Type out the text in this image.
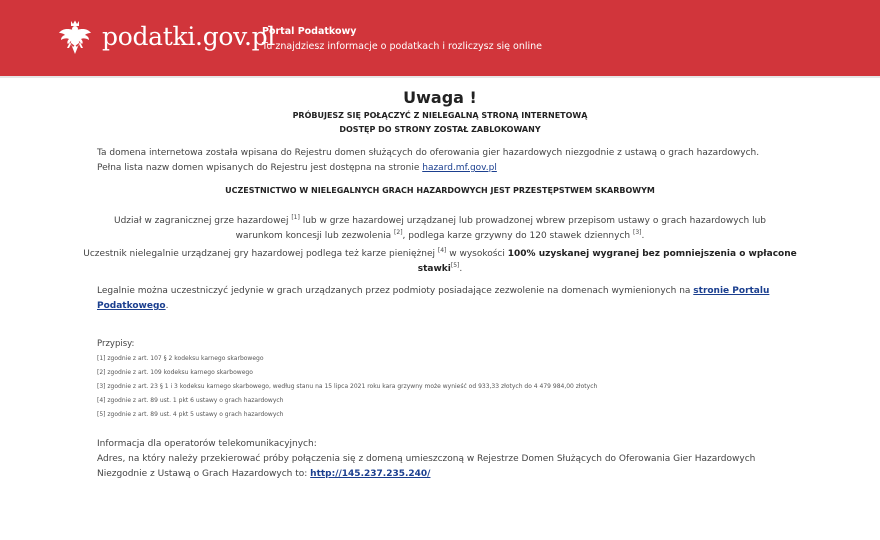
podatki.gov.pl
Portal Podatkowy
Tu znajdziesz informacje o podatkach i rozliczysz się online
Uwaga !
PRÓBUJESZ SIĘ POŁĄCZYĆ Z NIELEGALNĄ STRONĄ INTERNETOWĄ
DOSTĘP DO STRONY ZOSTAŁ ZABLOKOWANY
Ta domena internetowa została wpisana do Rejestru domen służących do oferowania gier hazardowych niezgodnie z ustawą o grach hazardowych.
Pełna lista nazw domen wpisanych do Rejestru jest dostępna na stronie hazard.mf.gov.pl
UCZESTNICTWO W NIELEGALNYCH GRACH HAZARDOWYCH JEST PRZESTĘPSTWEM SKARBOWYM
Udział w zagranicznej grze hazardowej [1] lub w grze hazardowej urządzanej lub prowadzonej wbrew przepisom ustawy o grach hazardowych lub
warunkom koncesji lub zezwolenia [2], podlega karze grzywny do 120 stawek dziennych [3].
Uczestnik nielegalnie urządzanej gry hazardowej podlega też karze pieniężnej [4] w wysokości 100% uzyskanej wygranej bez pomniejszenia o wpłacone
stawki[5].
Legalnie można uczestniczyć jedynie w grach urządzanych przez podmioty posiadające zezwolenie na domenach wymienionych na stronie Portalu
Podatkowego.
Przypisy:
[1] zgodnie z art. 107 § 2 kodeksu karnego skarbowego
[2] zgodnie z art. 109 kodeksu karnego skarbowego
[3] zgodnie z art. 23 § 1 i 3 kodeksu karnego skarbowego, według stanu na 15 lipca 2021 roku kara grzywny może wynieść od 933,33 złotych do 4 479 984,00 złotych
[4] zgodnie z art. 89 ust. 1 pkt 6 ustawy o grach hazardowych
[5] zgodnie z art. 89 ust. 4 pkt 5 ustawy o grach hazardowych
Informacja dla operatorów telekomunikacyjnych:
Adres, na który należy przekierować próby połączenia się z domeną umieszczoną w Rejestrze Domen Służących do Oferowania Gier Hazardowych
Niezgodnie z Ustawą o Grach Hazardowych to: http://145.237.235.240/
